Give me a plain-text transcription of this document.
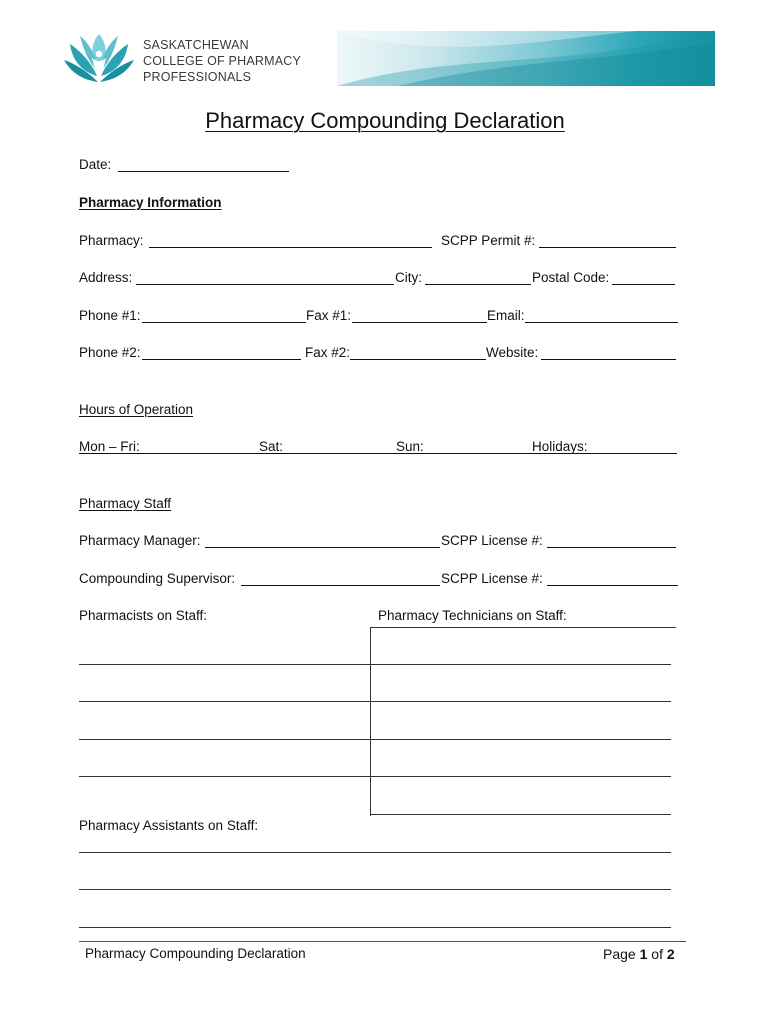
SASKATCHEWAN
COLLEGE OF PHARMACY
PROFESSIONALS
Pharmacy Compounding Declaration
Date:
Pharmacy Information
Pharmacy:	SCPP Permit #:
Address:	City:	Postal Code:
Phone #1:	Fax #1:	Email:
Phone #2:	Fax #2:	Website:
Hours of Operation
Mon – Fri:	Sat:	Sun:	Holidays:
Pharmacy Staff
Pharmacy Manager:	SCPP License #:
Compounding Supervisor:	SCPP License #:
Pharmacists on Staff:	Pharmacy Technicians on Staff:
Pharmacy Assistants on Staff:
Pharmacy Compounding Declaration	Page 1 of 2
